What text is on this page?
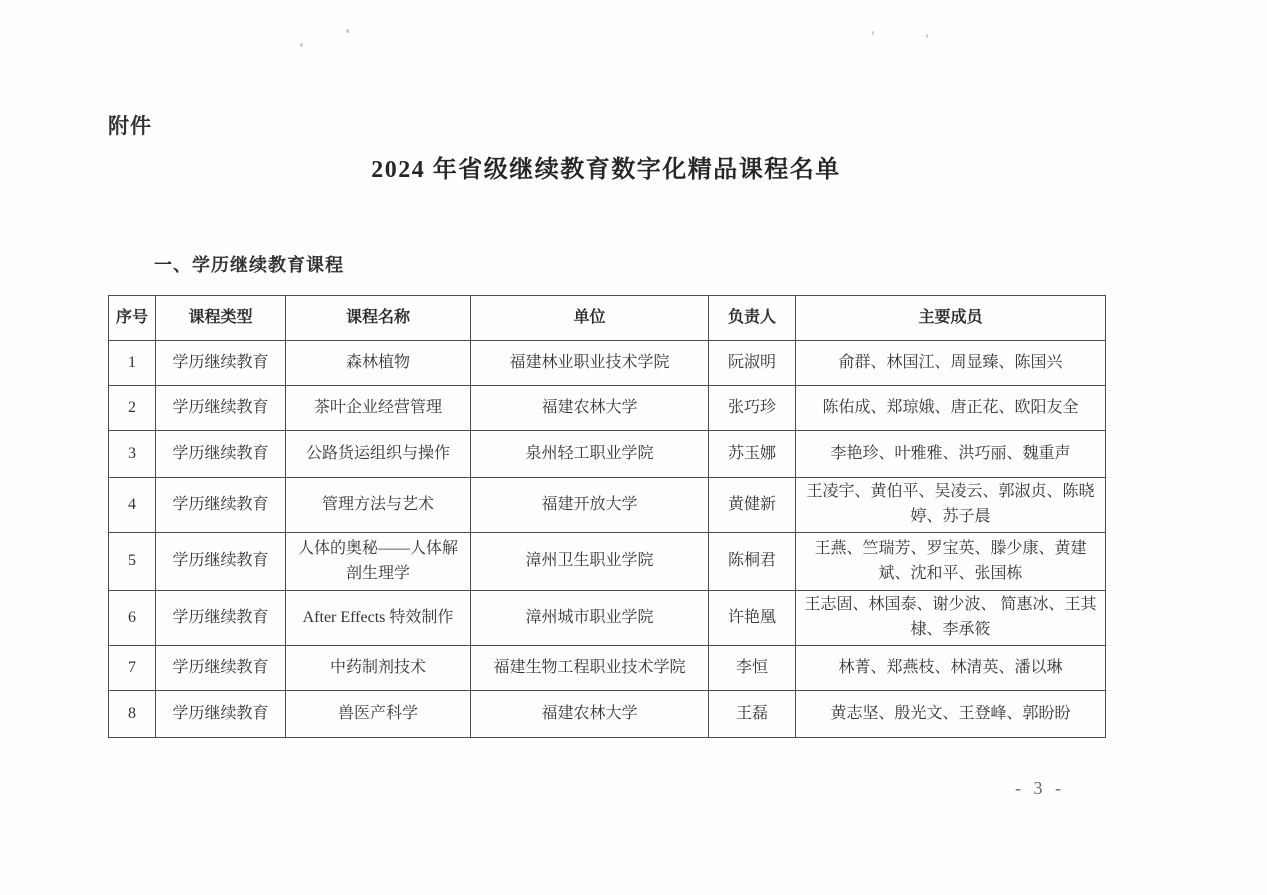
附件
2024 年省级继续教育数字化精品课程名单
一、学历继续教育课程
序号	课程类型	课程名称	单位	负责人	主要成员
1	学历继续教育	森林植物	福建林业职业技术学院	阮淑明	俞群、林国江、周显臻、陈国兴
2	学历继续教育	茶叶企业经营管理	福建农林大学	张巧珍	陈佑成、郑琼娥、唐正花、欧阳友全
3	学历继续教育	公路货运组织与操作	泉州轻工职业学院	苏玉娜	李艳珍、叶雅雅、洪巧丽、魏重声
4	学历继续教育	管理方法与艺术	福建开放大学	黄健新	王凌宇、黄伯平、吴凌云、郭淑贞、陈晓婷、苏子晨
5	学历继续教育	人体的奥秘——人体解剖生理学	漳州卫生职业学院	陈桐君	王燕、竺瑞芳、罗宝英、滕少康、黄建斌、沈和平、张国栋
6	学历继续教育	After Effects 特效制作	漳州城市职业学院	许艳凰	王志固、林国泰、谢少波、 简惠冰、王其棣、李承筱
7	学历继续教育	中药制剂技术	福建生物工程职业技术学院	李恒	林菁、郑燕枝、林清英、潘以琳
8	学历继续教育	兽医产科学	福建农林大学	王磊	黄志坚、殷光文、王登峰、郭盼盼
- 3 -
